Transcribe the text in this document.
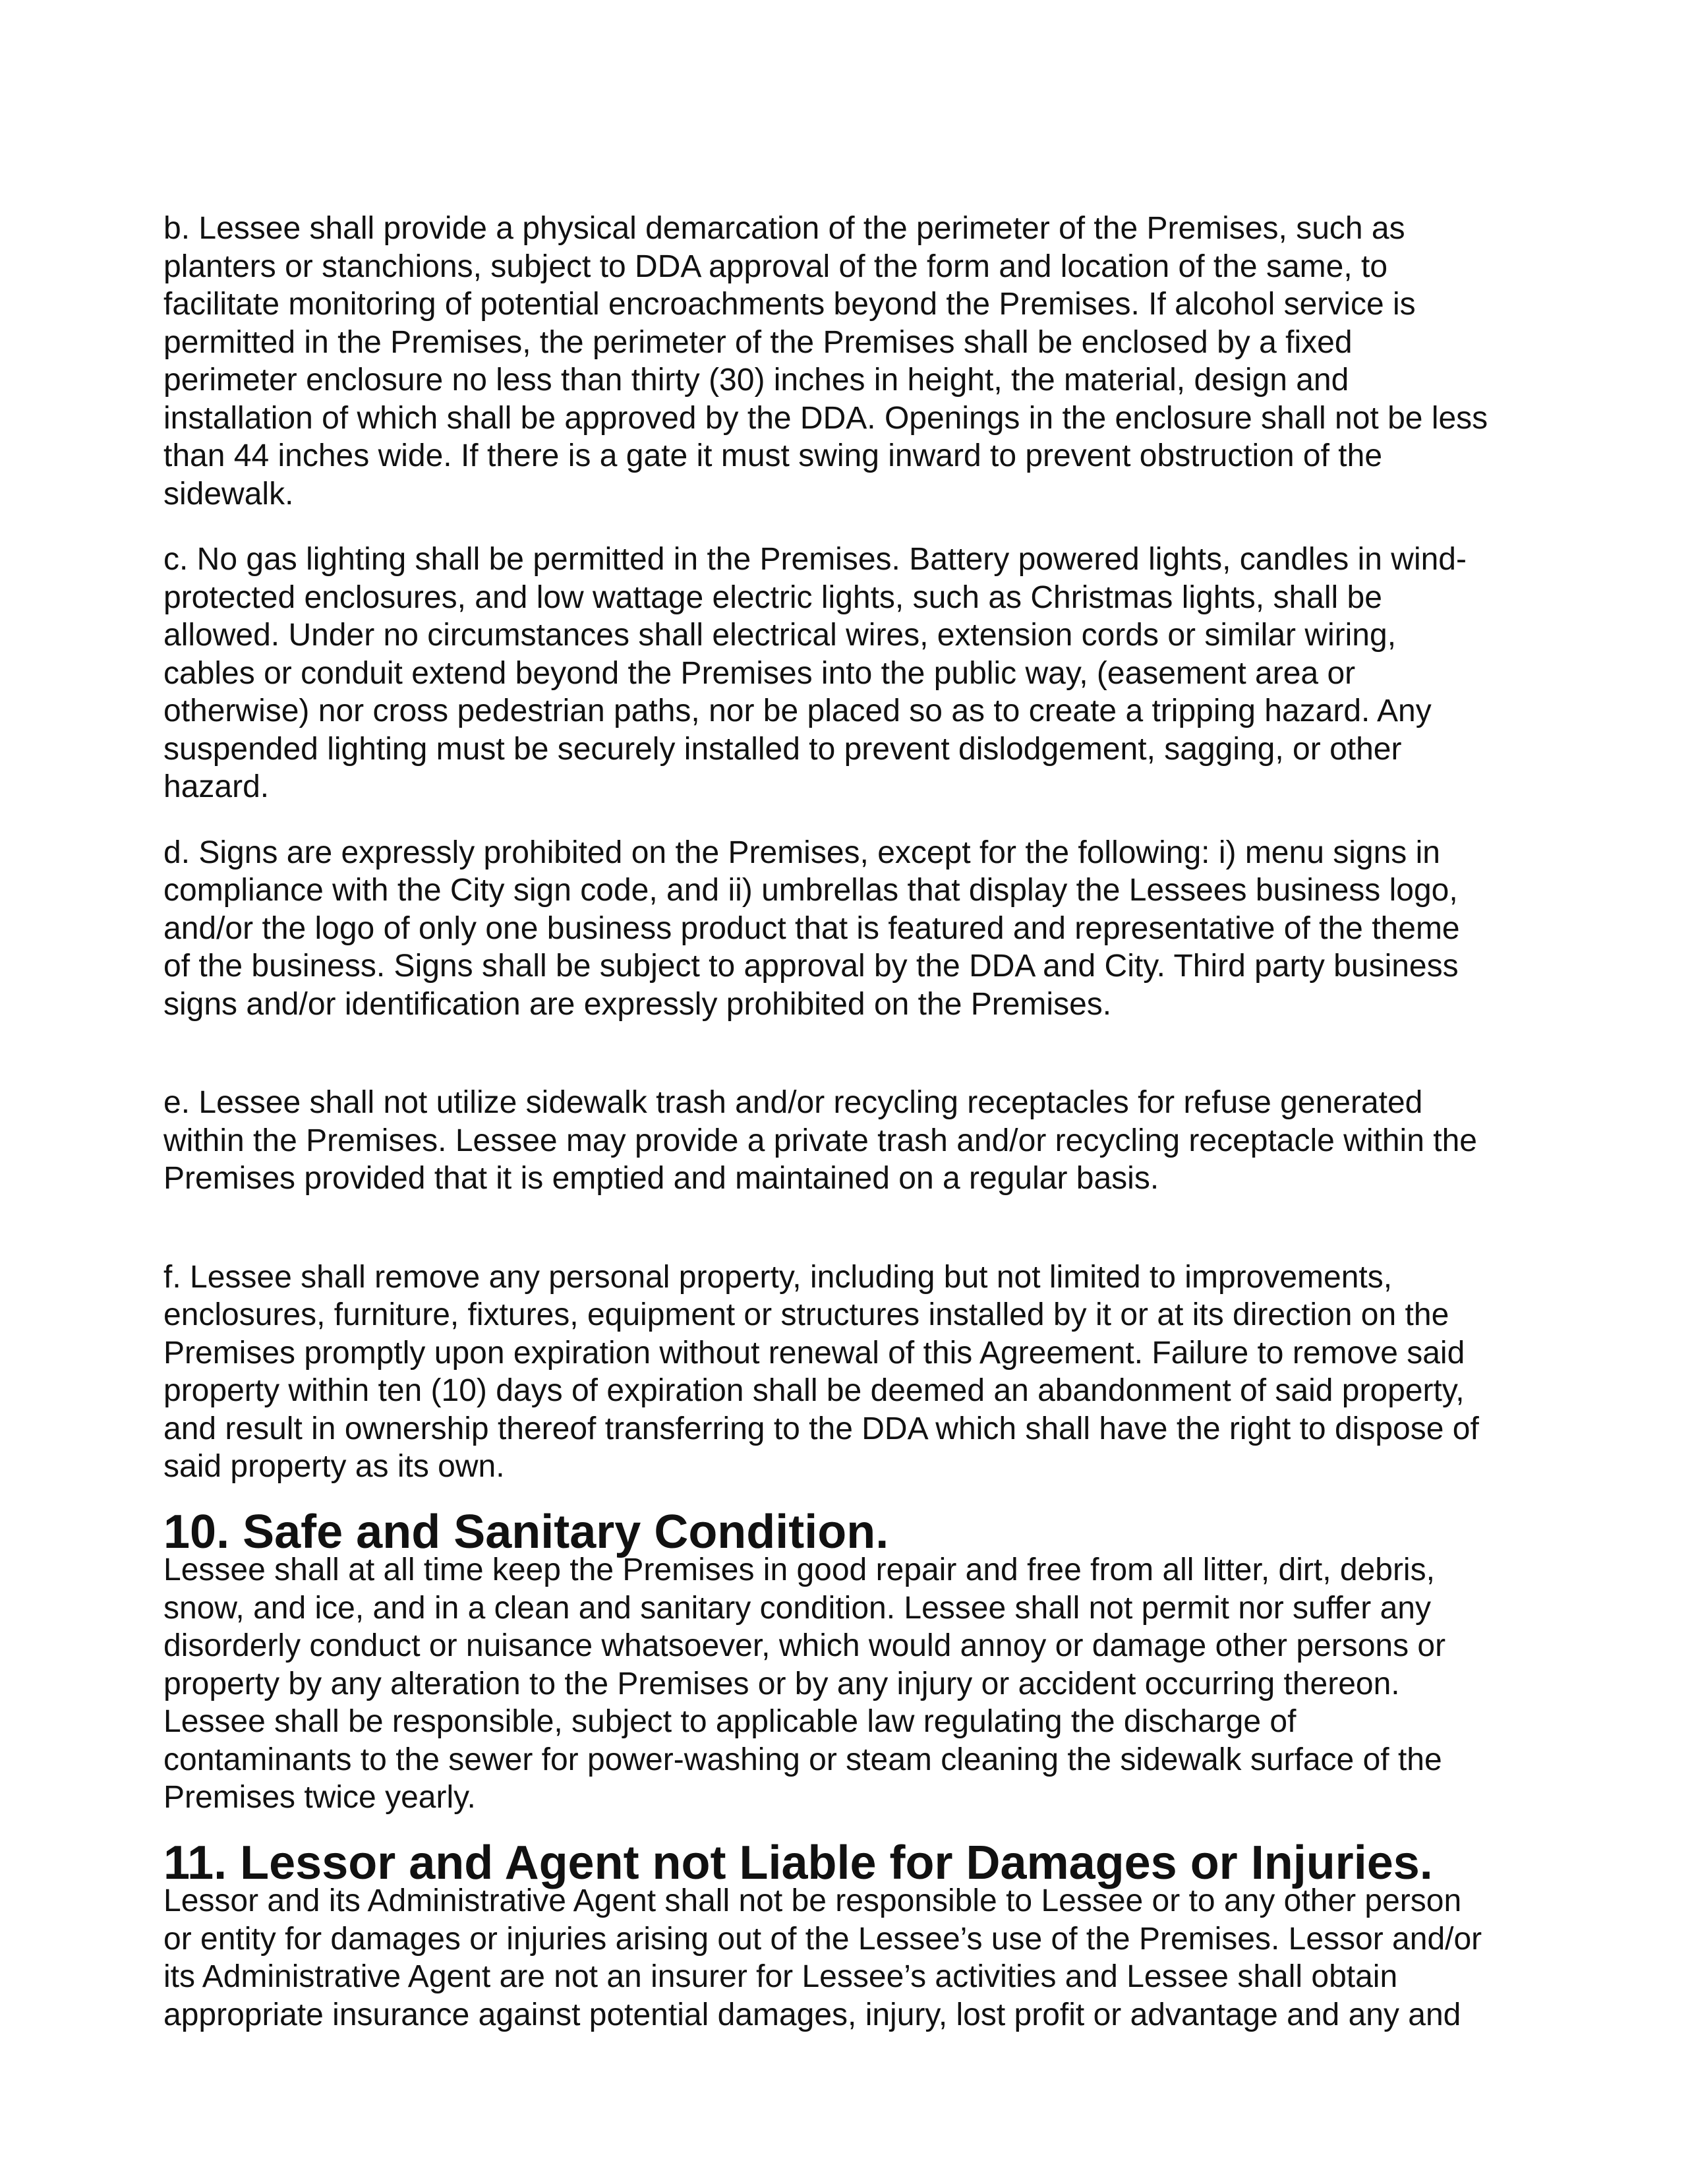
b. Lessee shall provide a physical demarcation of the perimeter of the Premises, such as
planters or stanchions, subject to DDA approval of the form and location of the same, to
facilitate monitoring of potential encroachments beyond the Premises. If alcohol service is
permitted in the Premises, the perimeter of the Premises shall be enclosed by a fixed
perimeter enclosure no less than thirty (30) inches in height, the material, design and
installation of which shall be approved by the DDA. Openings in the enclosure shall not be less
than 44 inches wide. If there is a gate it must swing inward to prevent obstruction of the
sidewalk.

c. No gas lighting shall be permitted in the Premises. Battery powered lights, candles in wind-
protected enclosures, and low wattage electric lights, such as Christmas lights, shall be
allowed. Under no circumstances shall electrical wires, extension cords or similar wiring,
cables or conduit extend beyond the Premises into the public way, (easement area or
otherwise) nor cross pedestrian paths, nor be placed so as to create a tripping hazard. Any
suspended lighting must be securely installed to prevent dislodgement, sagging, or other
hazard.

d. Signs are expressly prohibited on the Premises, except for the following: i) menu signs in
compliance with the City sign code, and ii) umbrellas that display the Lessees business logo,
and/or the logo of only one business product that is featured and representative of the theme
of the business. Signs shall be subject to approval by the DDA and City. Third party business
signs and/or identification are expressly prohibited on the Premises.

e. Lessee shall not utilize sidewalk trash and/or recycling receptacles for refuse generated
within the Premises. Lessee may provide a private trash and/or recycling receptacle within the
Premises provided that it is emptied and maintained on a regular basis.

f. Lessee shall remove any personal property, including but not limited to improvements,
enclosures, furniture, fixtures, equipment or structures installed by it or at its direction on the
Premises promptly upon expiration without renewal of this Agreement. Failure to remove said
property within ten (10) days of expiration shall be deemed an abandonment of said property,
and result in ownership thereof transferring to the DDA which shall have the right to dispose of
said property as its own.

10. Safe and Sanitary Condition.

Lessee shall at all time keep the Premises in good repair and free from all litter, dirt, debris,
snow, and ice, and in a clean and sanitary condition. Lessee shall not permit nor suffer any
disorderly conduct or nuisance whatsoever, which would annoy or damage other persons or
property by any alteration to the Premises or by any injury or accident occurring thereon.
Lessee shall be responsible, subject to applicable law regulating the discharge of
contaminants to the sewer for power-washing or steam cleaning the sidewalk surface of the
Premises twice yearly.

11. Lessor and Agent not Liable for Damages or Injuries.

Lessor and its Administrative Agent shall not be responsible to Lessee or to any other person
or entity for damages or injuries arising out of the Lessee’s use of the Premises. Lessor and/or
its Administrative Agent are not an insurer for Lessee’s activities and Lessee shall obtain
appropriate insurance against potential damages, injury, lost profit or advantage and any and
